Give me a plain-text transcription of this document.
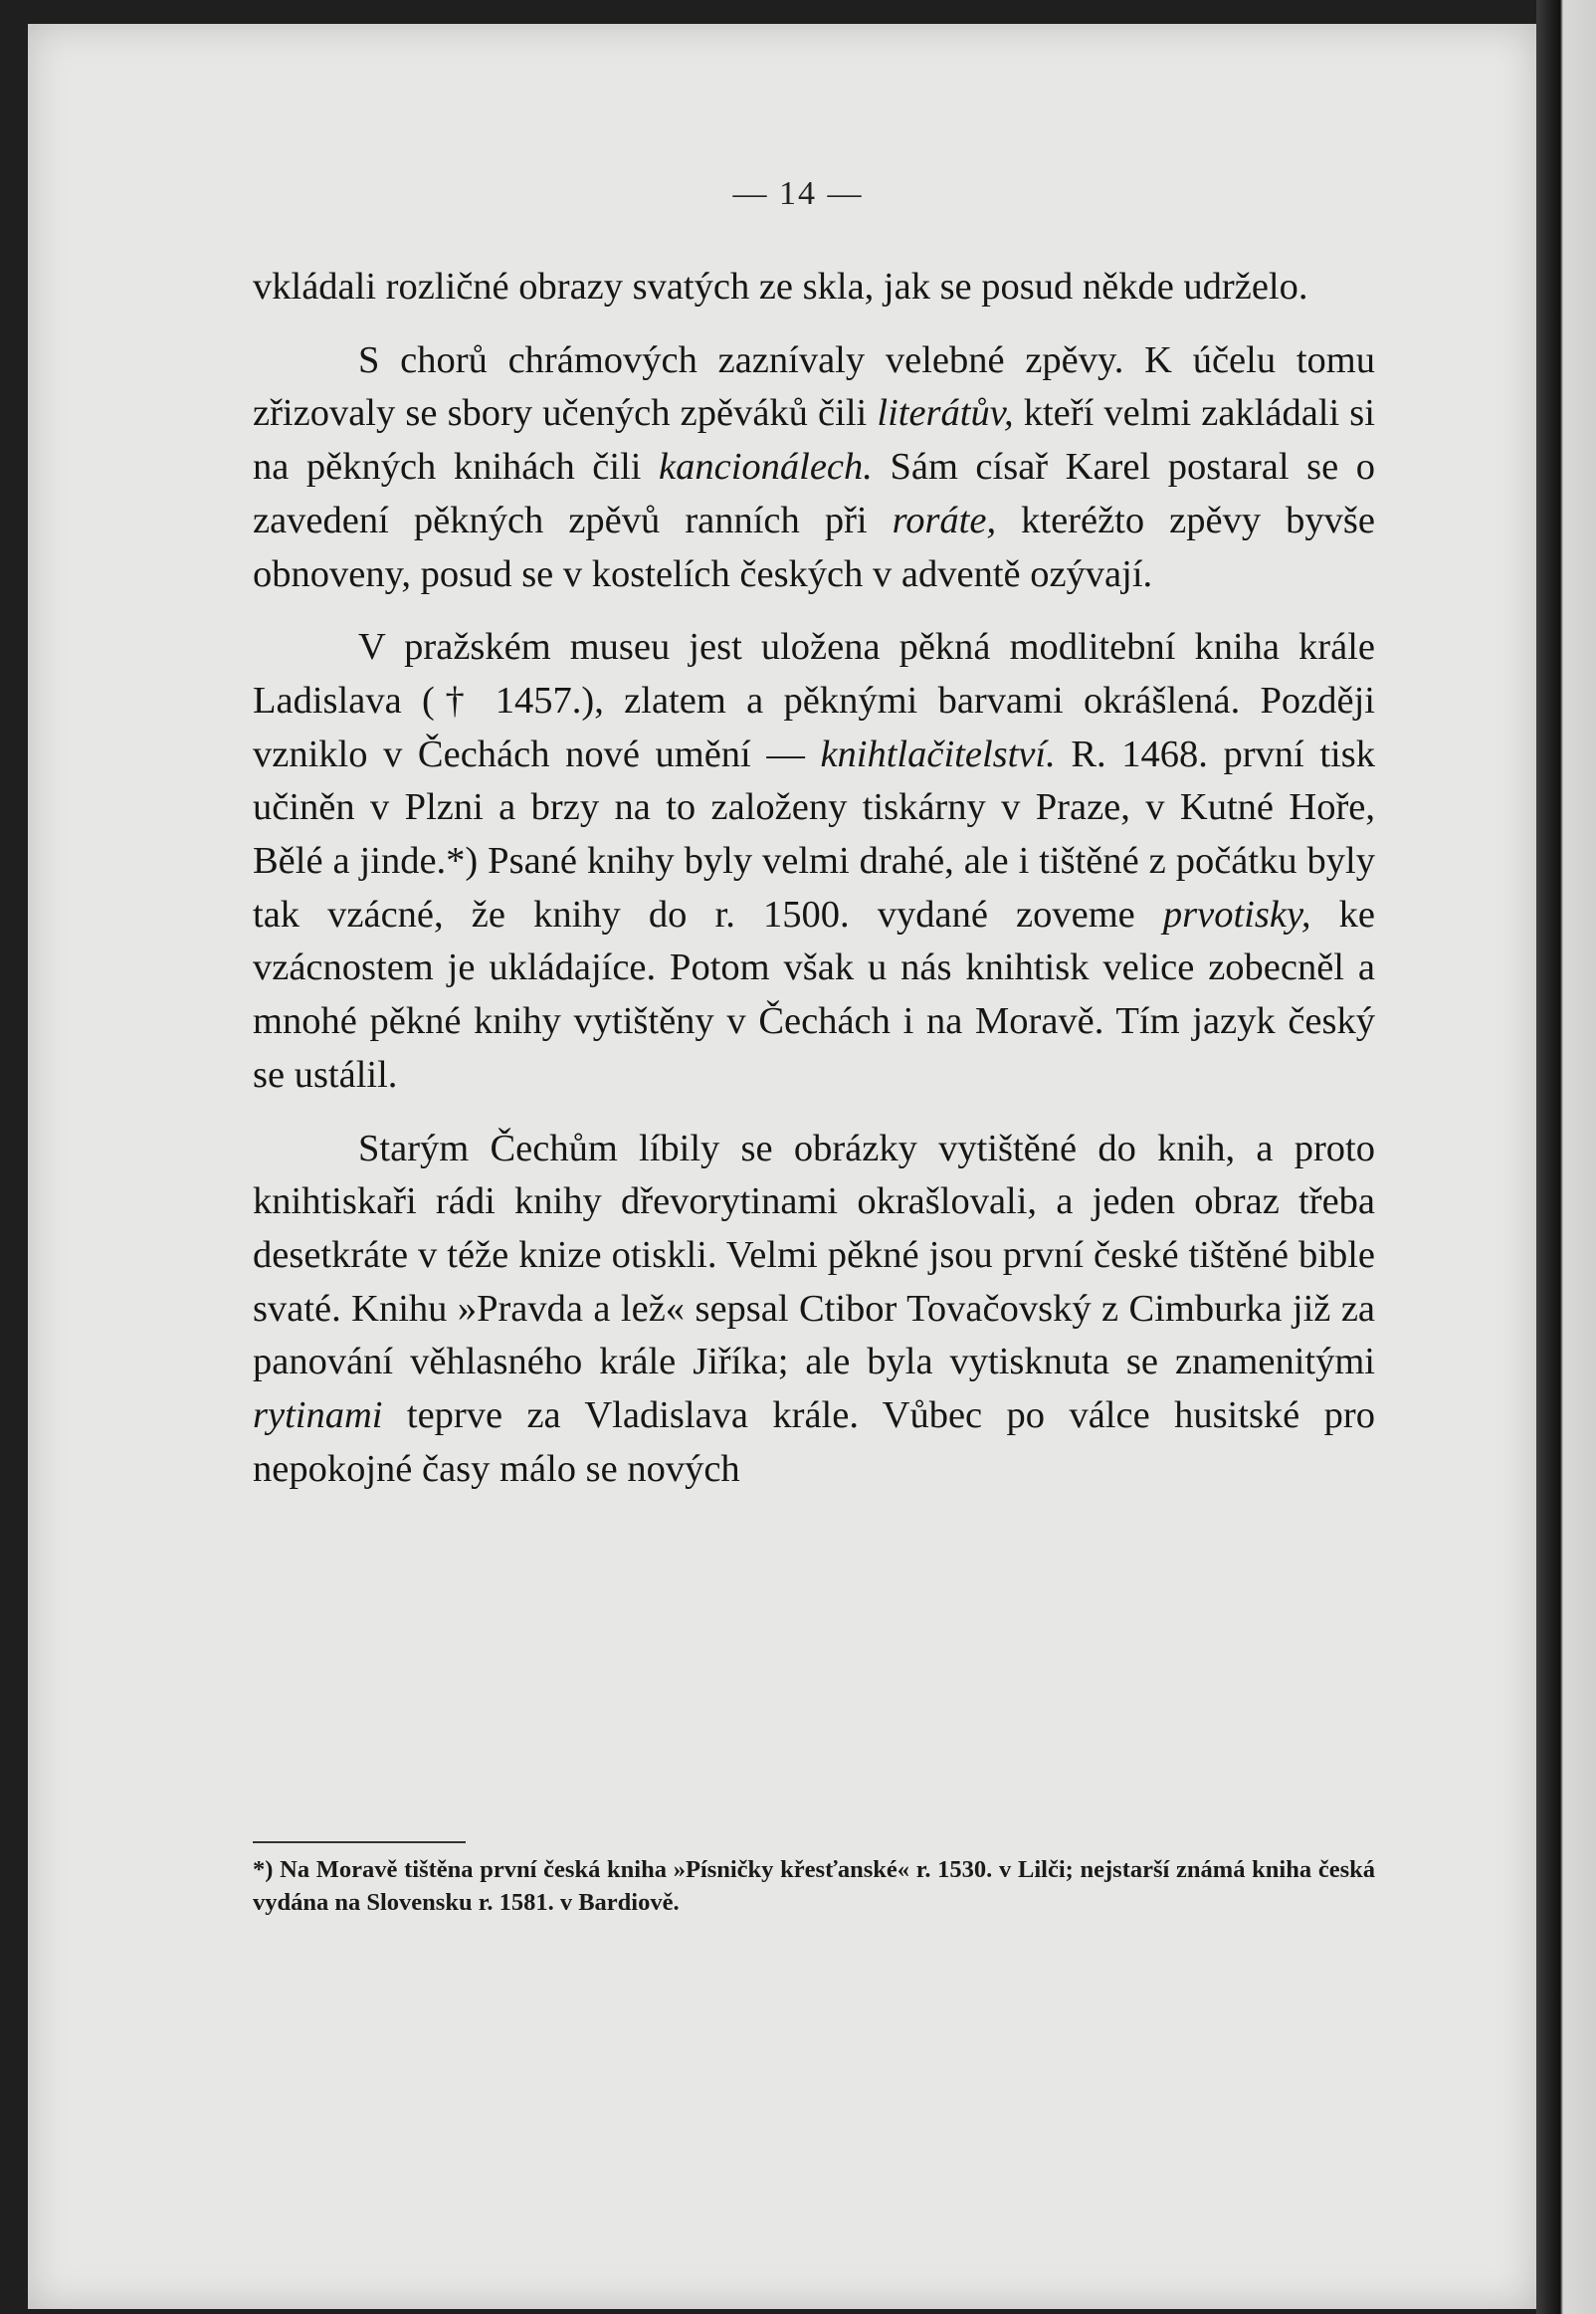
— 14 —

vkládali rozličné obrazy svatých ze skla, jak se posud někde udrželo.

S chorů chrámových zaznívaly velebné zpěvy. K účelu tomu zřizovaly se sbory učených zpěváků čili literátův, kteří velmi zakládali si na pěkných knihách čili kancionálech. Sám císař Karel postaral se o zavedení pěkných zpěvů ranních při roráte, kteréžto zpěvy byvše obnoveny, posud se v kostelích českých v adventě ozývají.

V pražském museu jest uložena pěkná modlitební kniha krále Ladislava († 1457.), zlatem a pěknými barvami okrášlená. Později vzniklo v Čechách nové umění — knihtlačitelství. R. 1468. první tisk učiněn v Plzni a brzy na to založeny tiskárny v Praze, v Kutné Hoře, Bělé a jinde.*) Psané knihy byly velmi drahé, ale i tištěné z počátku byly tak vzácné, že knihy do r. 1500. vydané zoveme prvotisky, ke vzácnostem je ukládajíce. Potom však u nás knihtisk velice zobecněl a mnohé pěkné knihy vytištěny v Čechách i na Moravě. Tím jazyk český se ustálil.

Starým Čechům líbily se obrázky vytištěné do knih, a proto knihtiskaři rádi knihy dřevorytinami okrašlovali, a jeden obraz třeba desetkráte v téže knize otiskli. Velmi pěkné jsou první české tištěné bible svaté. Knihu »Pravda a lež« sepsal Ctibor Tovačovský z Cimburka již za panování věhlasného krále Jiříka; ale byla vytisknuta se znamenitými rytinami teprve za Vladislava krále. Vůbec po válce husitské pro nepokojné časy málo se nových

*) Na Moravě tištěna první česká kniha »Písničky křesťanské« r. 1530. v Lilči; nejstarší známá kniha česká vydána na Slovensku r. 1581. v Bardiově.
